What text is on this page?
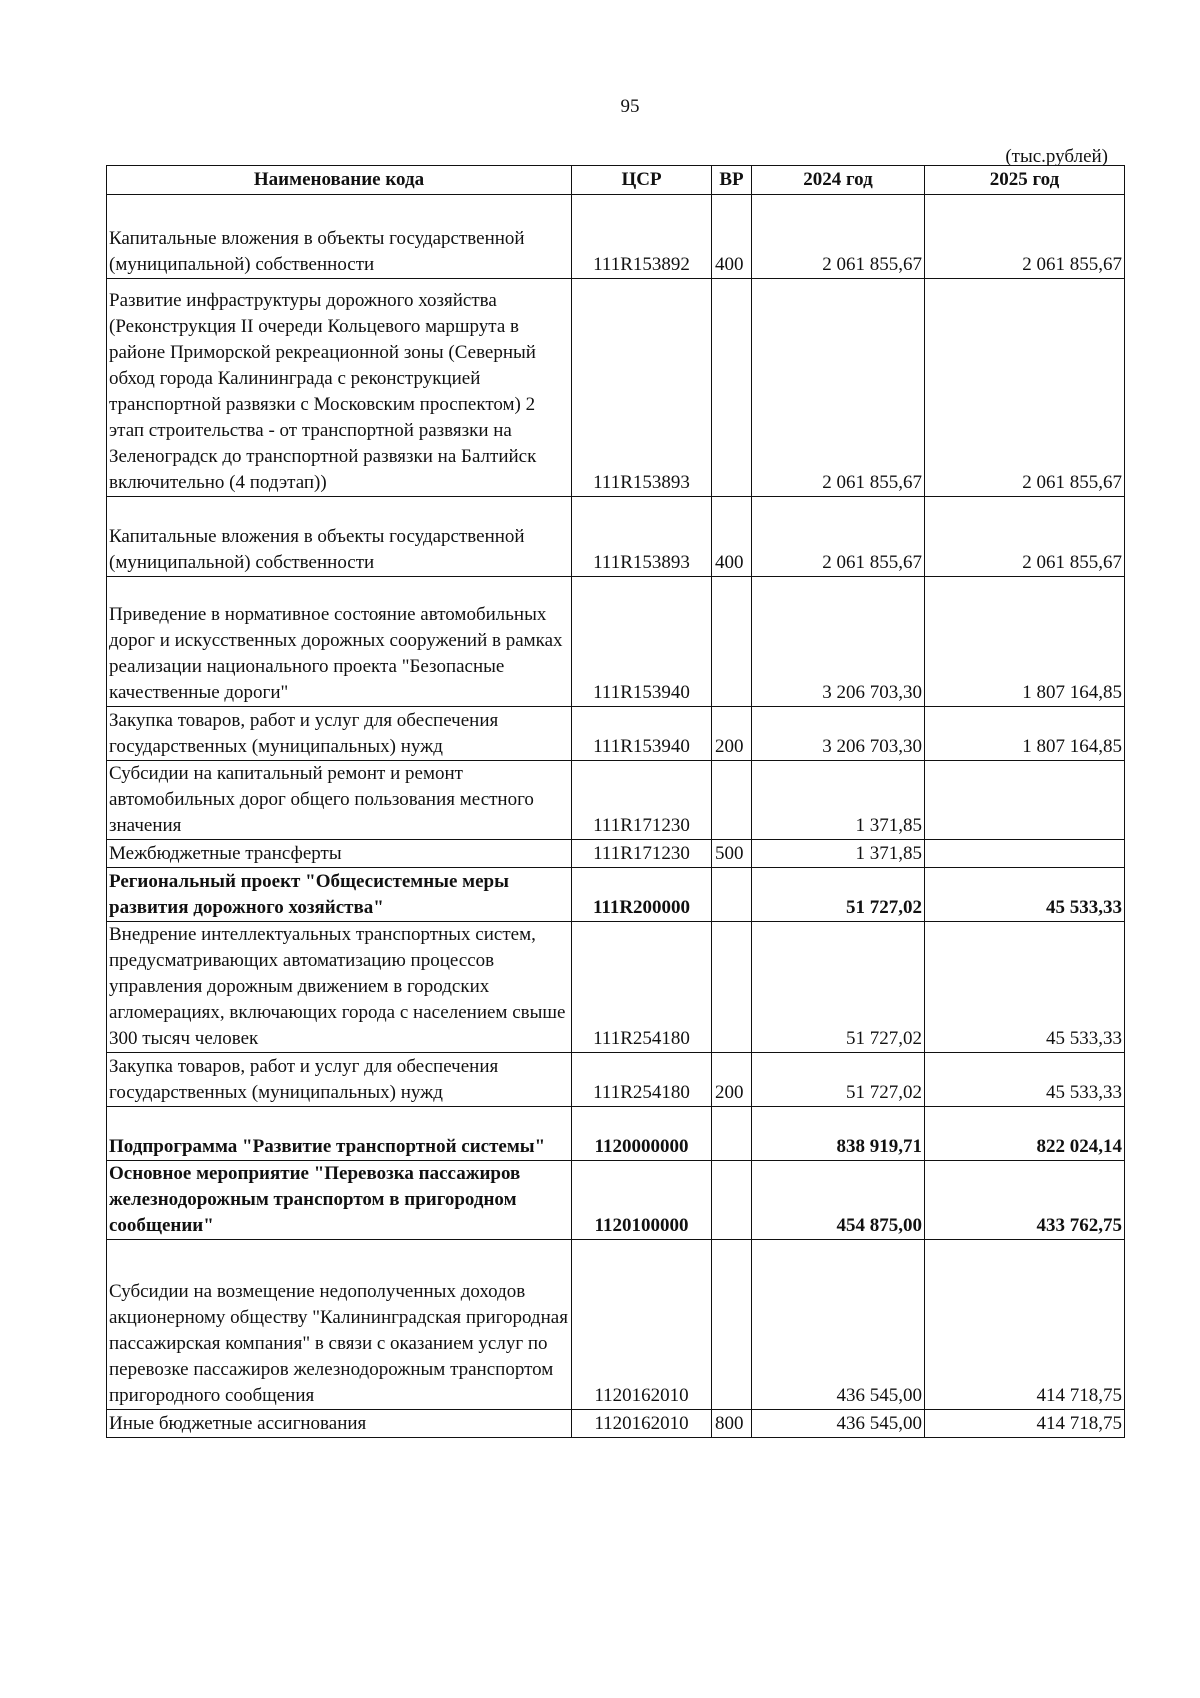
95
(тыс.рублей)
Наименование кода	ЦСР	ВР	2024 год	2025 год
Капитальные вложения в объекты государственной (муниципальной) собственности	111R153892	400	2 061 855,67	2 061 855,67
Развитие инфраструктуры дорожного хозяйства (Реконструкция II очереди Кольцевого маршрута в районе Приморской рекреационной зоны (Северный обход города Калининграда с реконструкцией транспортной развязки с Московским проспектом) 2 этап строительства - от транспортной развязки на Зеленоградск до транспортной развязки на Балтийск включительно (4 подэтап))	111R153893		2 061 855,67	2 061 855,67
Капитальные вложения в объекты государственной (муниципальной) собственности	111R153893	400	2 061 855,67	2 061 855,67
Приведение в нормативное состояние автомобильных дорог и искусственных дорожных сооружений в рамках реализации национального проекта "Безопасные качественные дороги"	111R153940		3 206 703,30	1 807 164,85
Закупка товаров, работ и услуг для обеспечения государственных (муниципальных) нужд	111R153940	200	3 206 703,30	1 807 164,85
Субсидии на капитальный ремонт и ремонт автомобильных дорог общего пользования местного значения	111R171230		1 371,85	
Межбюджетные трансферты	111R171230	500	1 371,85	
Региональный проект "Общесистемные меры развития дорожного хозяйства"	111R200000		51 727,02	45 533,33
Внедрение интеллектуальных транспортных систем, предусматривающих автоматизацию процессов управления дорожным движением в городских агломерациях, включающих города с населением свыше 300 тысяч человек	111R254180		51 727,02	45 533,33
Закупка товаров, работ и услуг для обеспечения государственных (муниципальных) нужд	111R254180	200	51 727,02	45 533,33
Подпрограмма "Развитие транспортной системы"	1120000000		838 919,71	822 024,14
Основное мероприятие "Перевозка пассажиров железнодорожным транспортом в пригородном сообщении"	1120100000		454 875,00	433 762,75
Субсидии на возмещение недополученных доходов акционерному обществу "Калининградская пригородная пассажирская компания" в связи с оказанием услуг по перевозке пассажиров железнодорожным транспортом пригородного сообщения	1120162010		436 545,00	414 718,75
Иные бюджетные ассигнования	1120162010	800	436 545,00	414 718,75
